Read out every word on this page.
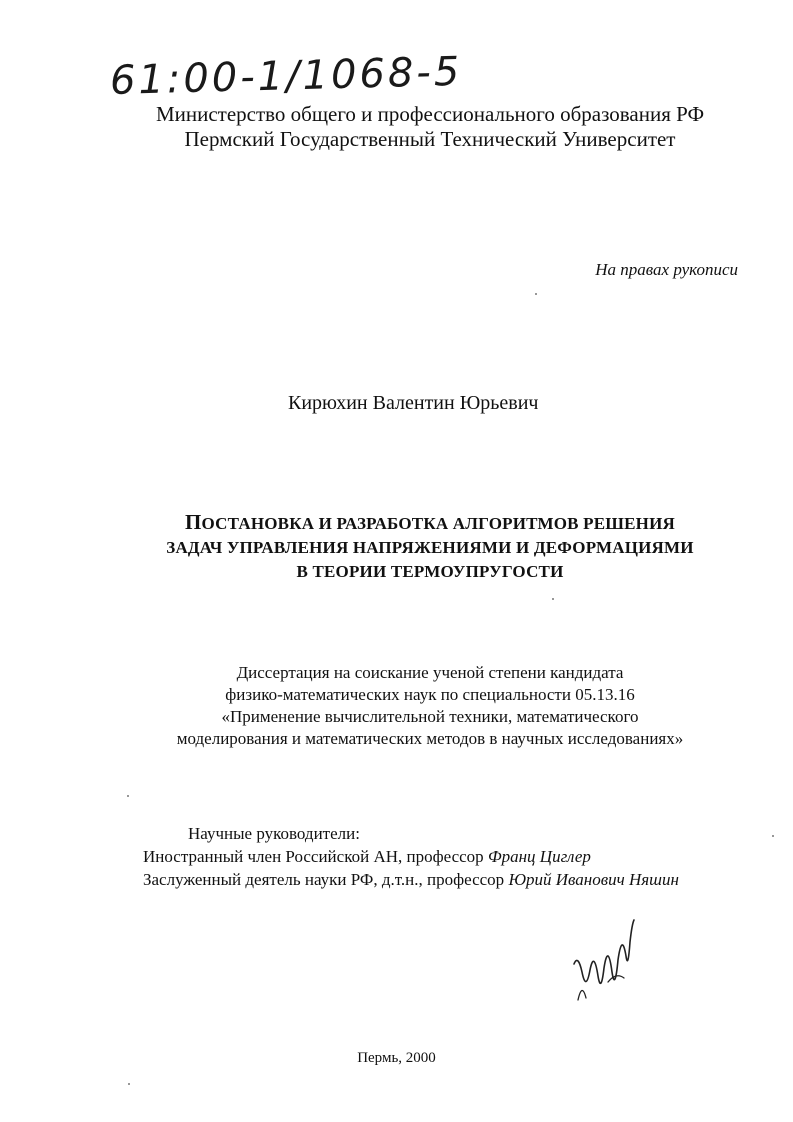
61:00-1/1068-5
Министерство общего и профессионального образования РФ
Пермский Государственный Технический Университет
На правах рукописи
Кирюхин Валентин Юрьевич
ПОСТАНОВКА И РАЗРАБОТКА АЛГОРИТМОВ РЕШЕНИЯ
ЗАДАЧ УПРАВЛЕНИЯ НАПРЯЖЕНИЯМИ И ДЕФОРМАЦИЯМИ
В ТЕОРИИ ТЕРМОУПРУГОСТИ
Диссертация на соискание ученой степени кандидата
физико-математических наук по специальности 05.13.16
«Применение вычислительной техники, математического
моделирования и математических методов в научных исследованиях»
Научные руководители:
Иностранный член Российской АН, профессор Франц Циглер
Заслуженный деятель науки РФ, д.т.н., профессор Юрий Иванович Няшин
Пермь, 2000
